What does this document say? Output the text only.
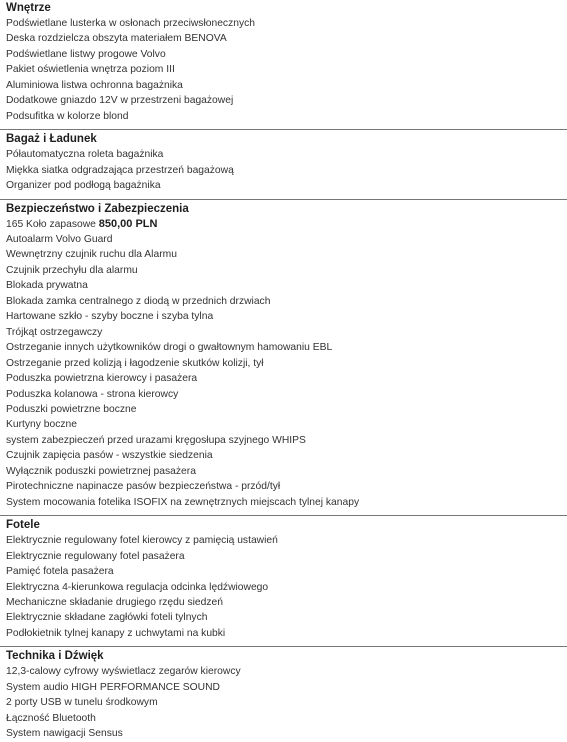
Wnętrze
Podświetlane lusterka w osłonach przeciwsłonecznych
Deska rozdzielcza obszyta materiałem BENOVA
Podświetlane listwy progowe Volvo
Pakiet oświetlenia wnętrza poziom III
Aluminiowa listwa ochronna bagażnika
Dodatkowe gniazdo 12V w przestrzeni bagażowej
Podsufitka w kolorze blond
Bagaż i Ładunek
Półautomatyczna roleta bagażnika
Miękka siatka odgradzająca przestrzeń bagażową
Organizer pod podłogą bagażnika
Bezpieczeństwo i Zabezpieczenia
165 Koło zapasowe 850,00 PLN
Autoalarm Volvo Guard
Wewnętrzny czujnik ruchu dla Alarmu
Czujnik przechyłu dla alarmu
Blokada prywatna
Blokada zamka centralnego z diodą w przednich drzwiach
Hartowane szkło - szyby boczne i szyba tylna
Trójkąt ostrzegawczy
Ostrzeganie innych użytkowników drogi o gwałtownym hamowaniu EBL
Ostrzeganie przed kolizją i łagodzenie skutków kolizji, tył
Poduszka powietrzna kierowcy i pasażera
Poduszka kolanowa - strona kierowcy
Poduszki powietrzne boczne
Kurtyny boczne
system zabezpieczeń przed urazami kręgosłupa szyjnego WHIPS
Czujnik zapięcia pasów - wszystkie siedzenia
Wyłącznik poduszki powietrznej pasażera
Pirotechniczne napinacze pasów bezpieczeństwa - przód/tył
System mocowania fotelika ISOFIX na zewnętrznych miejscach tylnej kanapy
Fotele
Elektrycznie regulowany fotel kierowcy z pamięcią ustawień
Elektrycznie regulowany fotel pasażera
Pamięć fotela pasażera
Elektryczna 4-kierunkowa regulacja odcinka lędźwiowego
Mechaniczne składanie drugiego rzędu siedzeń
Elektrycznie składane zagłówki foteli tylnych
Podłokietnik tylnej kanapy z uchwytami na kubki
Technika i Dźwięk
12,3-calowy cyfrowy wyświetlacz zegarów kierowcy
System audio HIGH PERFORMANCE SOUND
2 porty USB w tunelu środkowym
Łączność Bluetooth
System nawigacji Sensus
